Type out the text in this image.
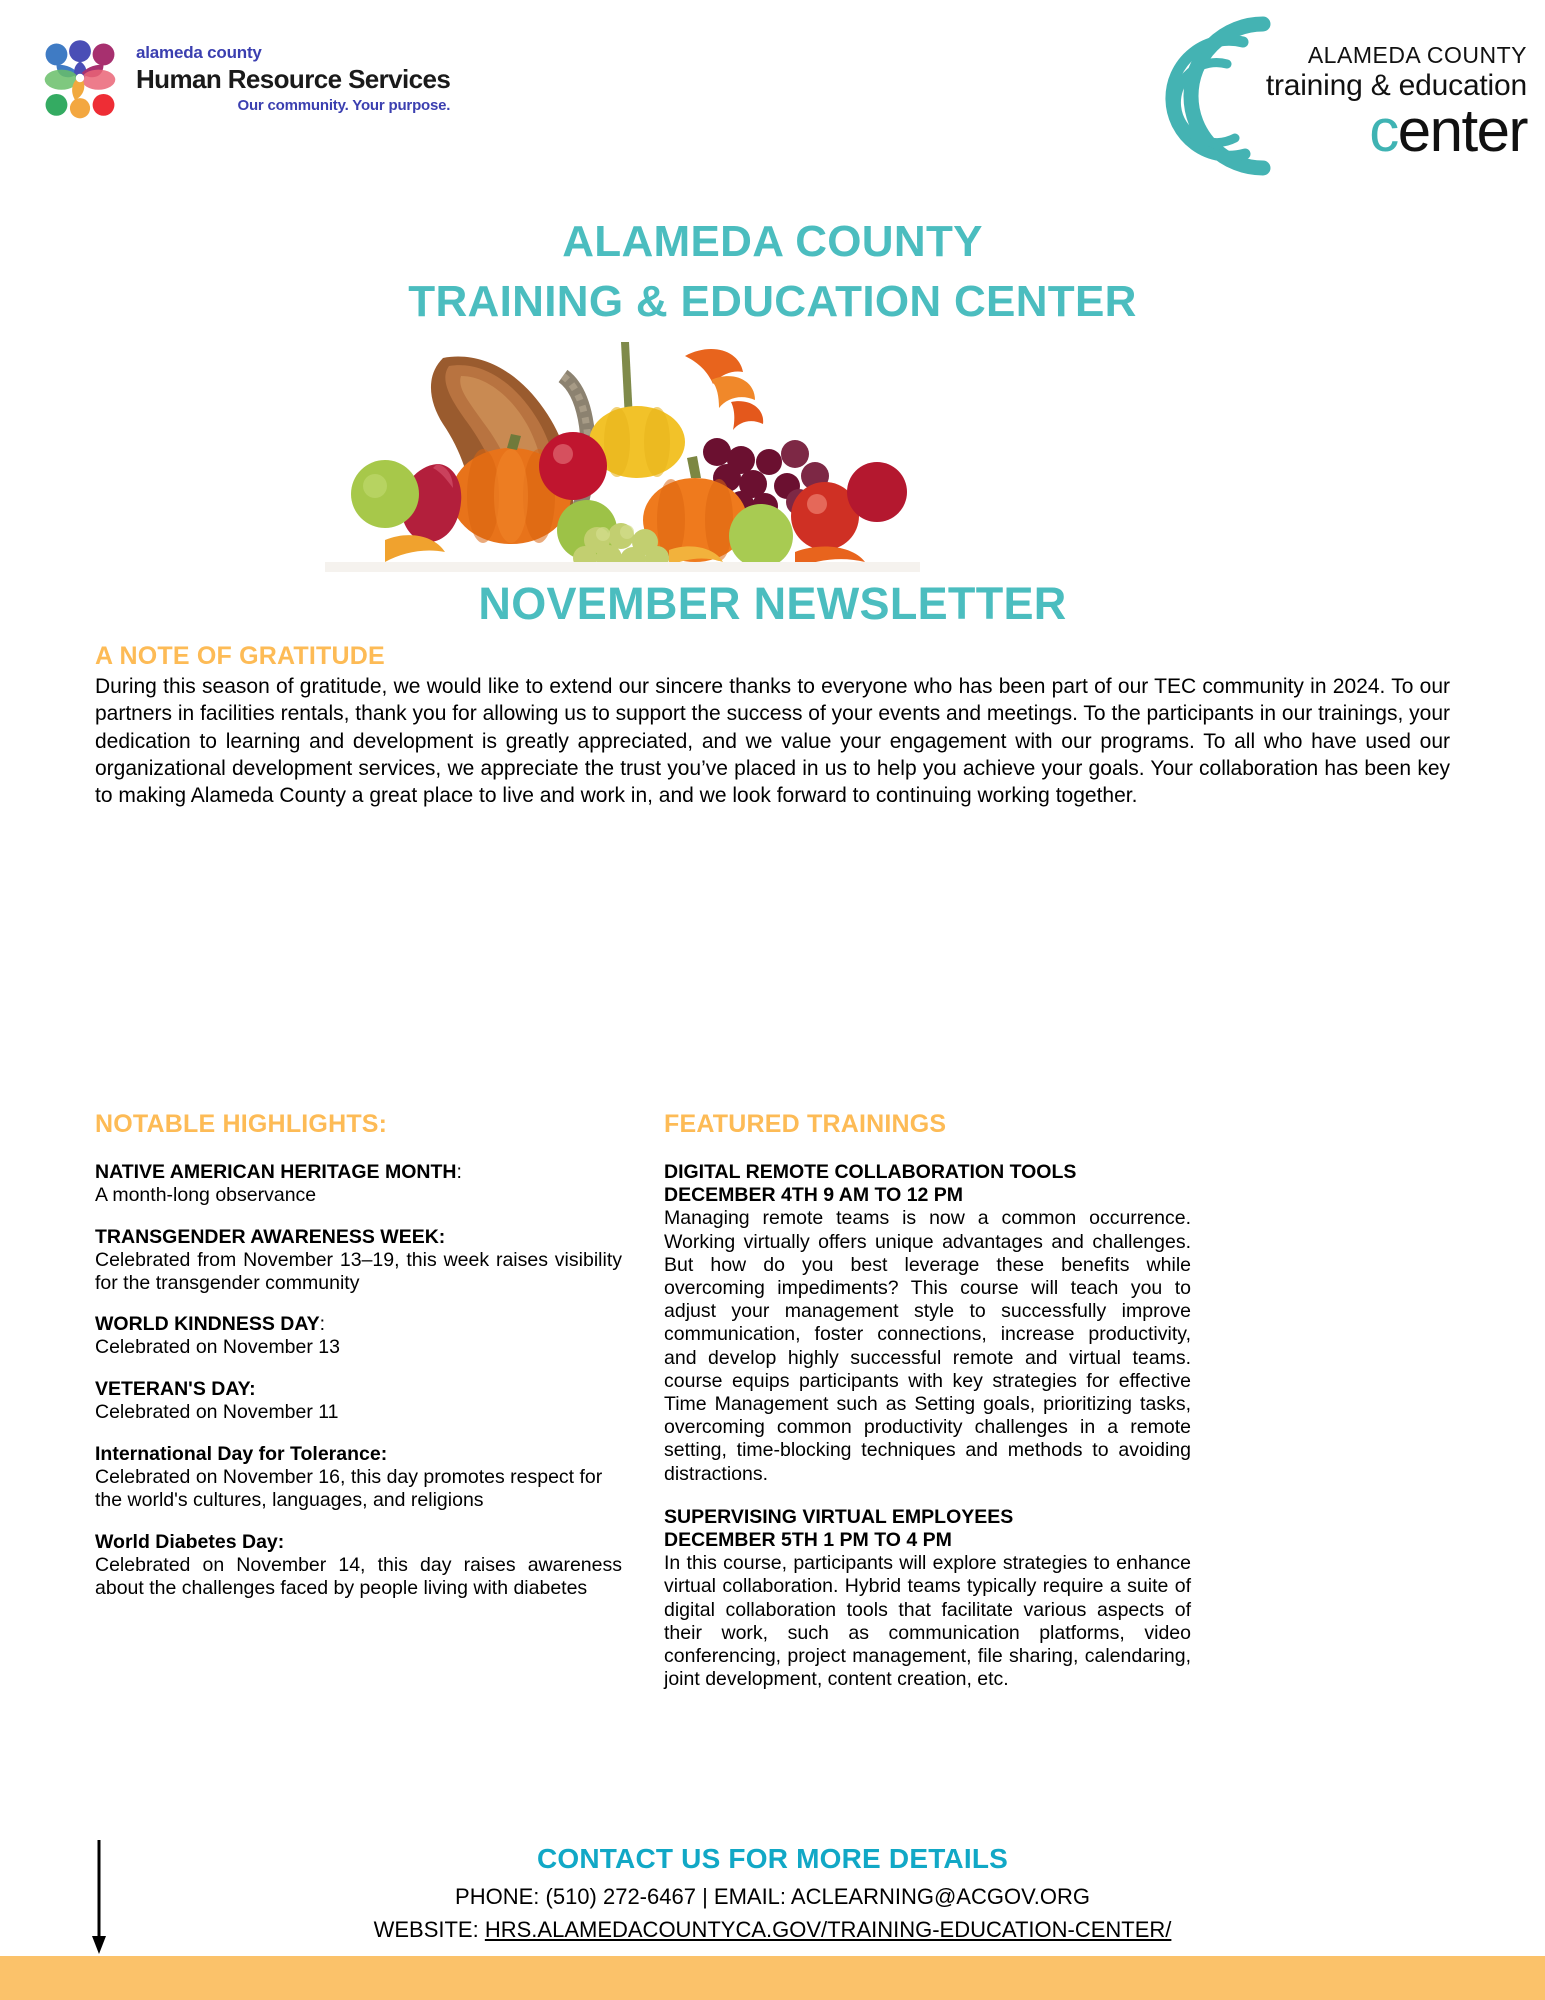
alameda county
Human Resource Services
Our community. Your purpose.
ALAMEDA COUNTY
training & education
center
ALAMEDA COUNTY
TRAINING & EDUCATION CENTER
NOVEMBER NEWSLETTER
A NOTE OF GRATITUDE
During this season of gratitude, we would like to extend our sincere thanks to everyone who has been part of our TEC community in 2024. To our partners in facilities rentals, thank you for allowing us to support the success of your events and meetings. To the participants in our trainings, your dedication to learning and development is greatly appreciated, and we value your engagement with our programs. To all who have used our organizational development services, we appreciate the trust you’ve placed in us to help you achieve your goals. Your collaboration has been key to making Alameda County a great place to live and work in, and we look forward to continuing working together.
NOTABLE HIGHLIGHTS:
NATIVE AMERICAN HERITAGE MONTH:
A month-long observance
TRANSGENDER AWARENESS WEEK:
Celebrated from November 13–19, this week raises visibility for the transgender community
WORLD KINDNESS DAY:
Celebrated on November 13
VETERAN'S DAY:
Celebrated on November 11
International Day for Tolerance:
Celebrated on November 16, this day promotes respect for the world's cultures, languages, and religions
World Diabetes Day:
Celebrated on November 14, this day raises awareness about the challenges faced by people living with diabetes
FEATURED TRAININGS
DIGITAL REMOTE COLLABORATION TOOLS
DECEMBER 4TH 9 AM TO 12 PM
Managing remote teams is now a common occurrence. Working virtually offers unique advantages and challenges. But how do you best leverage these benefits while overcoming impediments? This course will teach you to adjust your management style to successfully improve communication, foster connections, increase productivity, and develop highly successful remote and virtual teams. course equips participants with key strategies for effective Time Management such as Setting goals, prioritizing tasks, overcoming common productivity challenges in a remote setting, time-blocking techniques and methods to avoiding distractions.
SUPERVISING VIRTUAL EMPLOYEES
DECEMBER 5TH 1 PM TO 4 PM
In this course, participants will explore strategies to enhance virtual collaboration. Hybrid teams typically require a suite of digital collaboration tools that facilitate various aspects of their work, such as communication platforms, video conferencing, project management, file sharing, calendaring, joint development, content creation, etc.
CONTACT US FOR MORE DETAILS
PHONE: (510) 272-6467 | EMAIL: ACLEARNING@ACGOV.ORG
WEBSITE: HRS.ALAMEDACOUNTYCA.GOV/TRAINING-EDUCATION-CENTER/
